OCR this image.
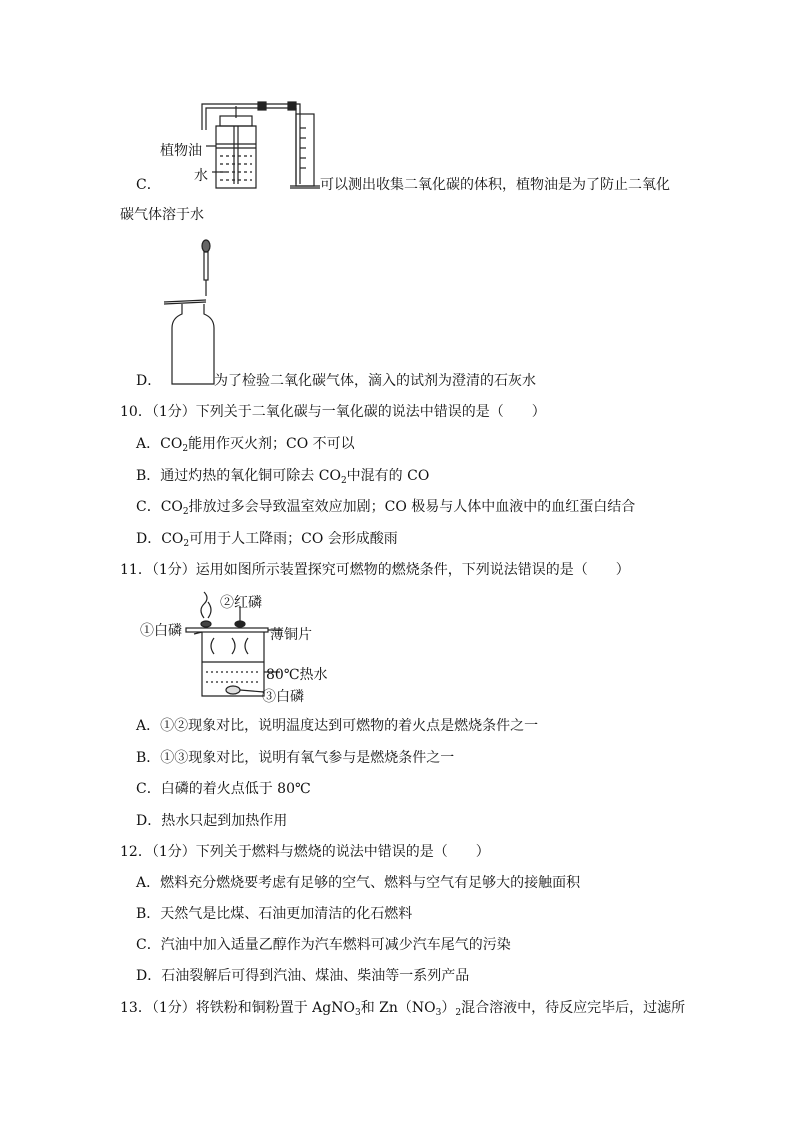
植物油
水
C．	可以测出收集二氧化碳的体积，植物油是为了防止二氧化
碳气体溶于水
D．	为了检验二氧化碳气体，滴入的试剂为澄清的石灰水
10．（1分）下列关于二氧化碳与一氧化碳的说法中错误的是（　　）
A．$CO_2$能用作灭火剂；CO 不可以
B．通过灼热的氧化铜可除去 $CO_2$中混有的 CO
C．$CO_2$排放过多会导致温室效应加剧；CO 极易与人体中血液中的血红蛋白结合
D．$CO_2$可用于人工降雨；CO 会形成酸雨
11．（1分）运用如图所示装置探究可燃物的燃烧条件，下列说法错误的是（　　）
②红磷
①白磷	薄铜片
80℃热水
③白磷
A．①②现象对比，说明温度达到可燃物的着火点是燃烧条件之一
B．①③现象对比，说明有氧气参与是燃烧条件之一
C．白磷的着火点低于 80℃
D．热水只起到加热作用
12．（1分）下列关于燃料与燃烧的说法中错误的是（　　）
A．燃料充分燃烧要考虑有足够的空气、燃料与空气有足够大的接触面积
B．天然气是比煤、石油更加清洁的化石燃料
C．汽油中加入适量乙醇作为汽车燃料可减少汽车尾气的污染
D．石油裂解后可得到汽油、煤油、柴油等一系列产品
13．（1分）将铁粉和铜粉置于 AgNO$_3$和 $Zn(NO_3)_2$混合溶液中，待反应完毕后，过滤所
